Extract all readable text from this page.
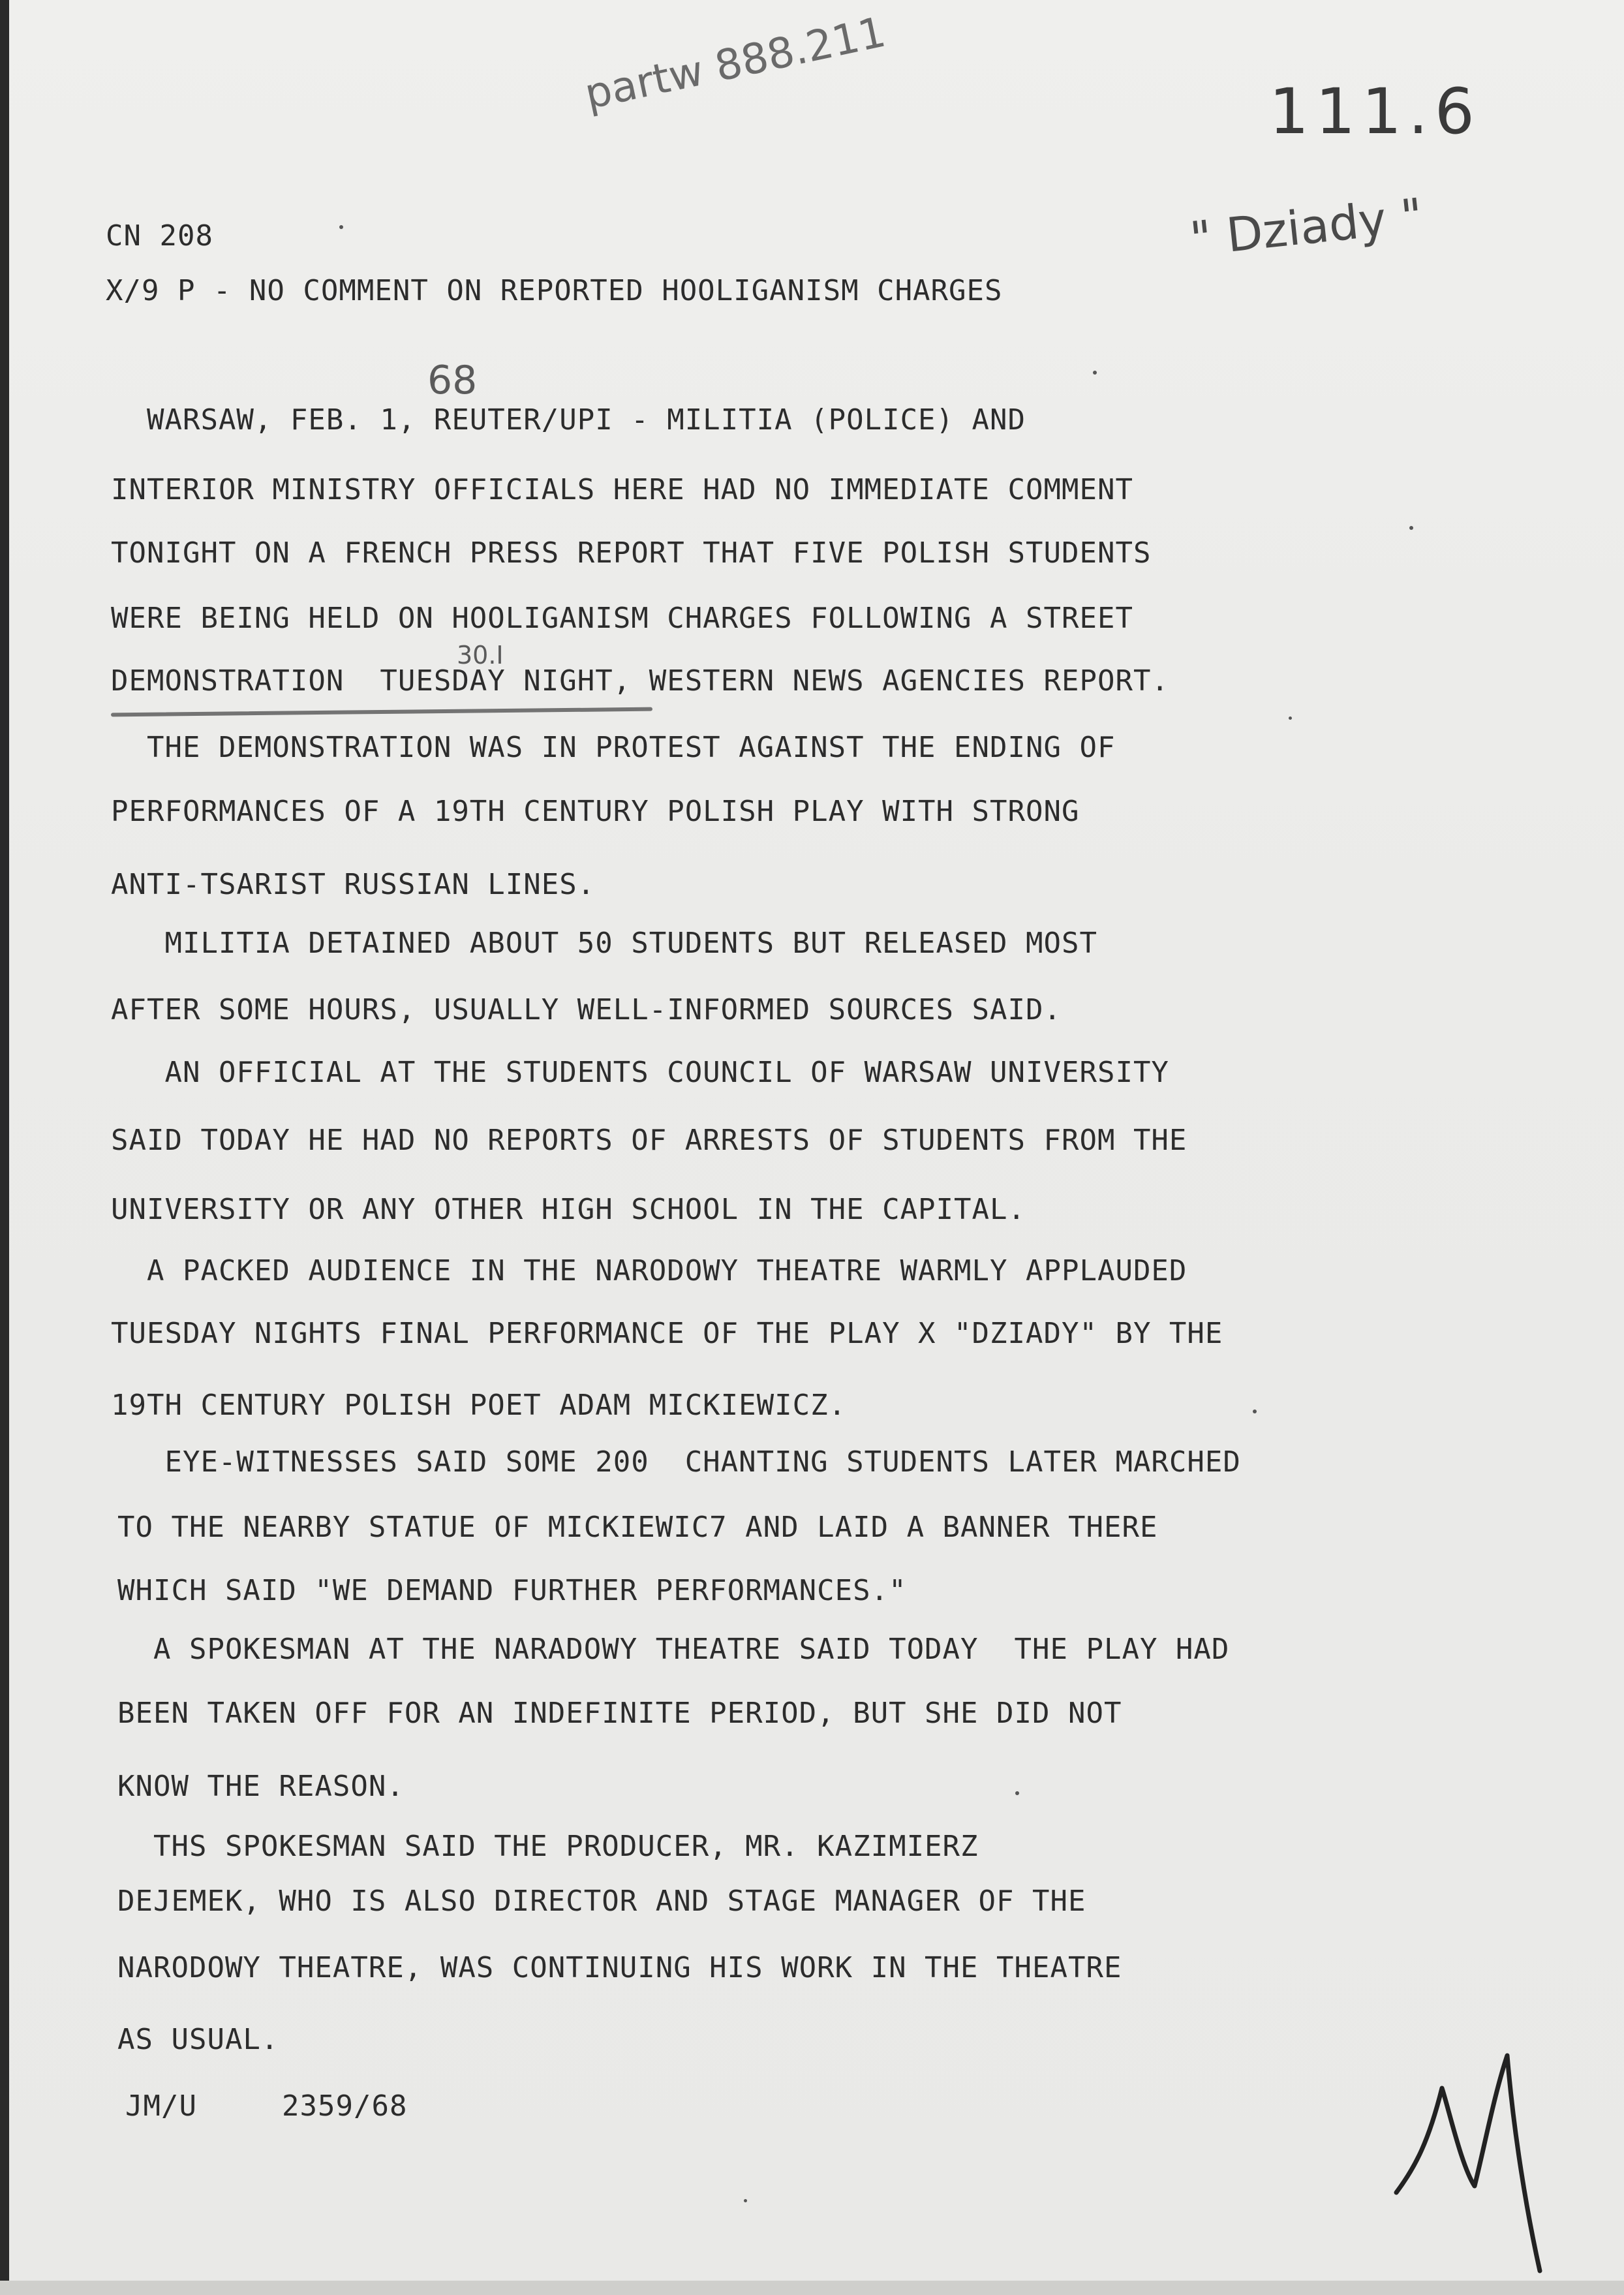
partw 888.211	111.6

" Dziady "

68

30.I

CN 208

X/9 P - NO COMMENT ON REPORTED HOOLIGANISM CHARGES

WARSAW, FEB. 1, REUTER/UPI - MILITIA (POLICE) AND

INTERIOR MINISTRY OFFICIALS HERE HAD NO IMMEDIATE COMMENT

TONIGHT ON A FRENCH PRESS REPORT THAT FIVE POLISH STUDENTS

WERE BEING HELD ON HOOLIGANISM CHARGES FOLLOWING A STREET

DEMONSTRATION  TUESDAY NIGHT, WESTERN NEWS AGENCIES REPORT.

THE DEMONSTRATION WAS IN PROTEST AGAINST THE ENDING OF

PERFORMANCES OF A 19TH CENTURY POLISH PLAY WITH STRONG

ANTI-TSARIST RUSSIAN LINES.

MILITIA DETAINED ABOUT 50 STUDENTS BUT RELEASED MOST

AFTER SOME HOURS, USUALLY WELL-INFORMED SOURCES SAID.

AN OFFICIAL AT THE STUDENTS COUNCIL OF WARSAW UNIVERSITY

SAID TODAY HE HAD NO REPORTS OF ARRESTS OF STUDENTS FROM THE

UNIVERSITY OR ANY OTHER HIGH SCHOOL IN THE CAPITAL.

A PACKED AUDIENCE IN THE NARODOWY THEATRE WARMLY APPLAUDED

TUESDAY NIGHTS FINAL PERFORMANCE OF THE PLAY X "DZIADY" BY THE

19TH CENTURY POLISH POET ADAM MICKIEWICZ.

EYE-WITNESSES SAID SOME 200  CHANTING STUDENTS LATER MARCHED

TO THE NEARBY STATUE OF MICKIEWIC7 AND LAID A BANNER THERE

WHICH SAID "WE DEMAND FURTHER PERFORMANCES."

A SPOKESMAN AT THE NARADOWY THEATRE SAID TODAY  THE PLAY HAD

BEEN TAKEN OFF FOR AN INDEFINITE PERIOD, BUT SHE DID NOT

KNOW THE REASON.

THS SPOKESMAN SAID THE PRODUCER, MR. KAZIMIERZ

DEJEMEK, WHO IS ALSO DIRECTOR AND STAGE MANAGER OF THE

NARODOWY THEATRE, WAS CONTINUING HIS WORK IN THE THEATRE

AS USUAL.

JM/U	2359/68
